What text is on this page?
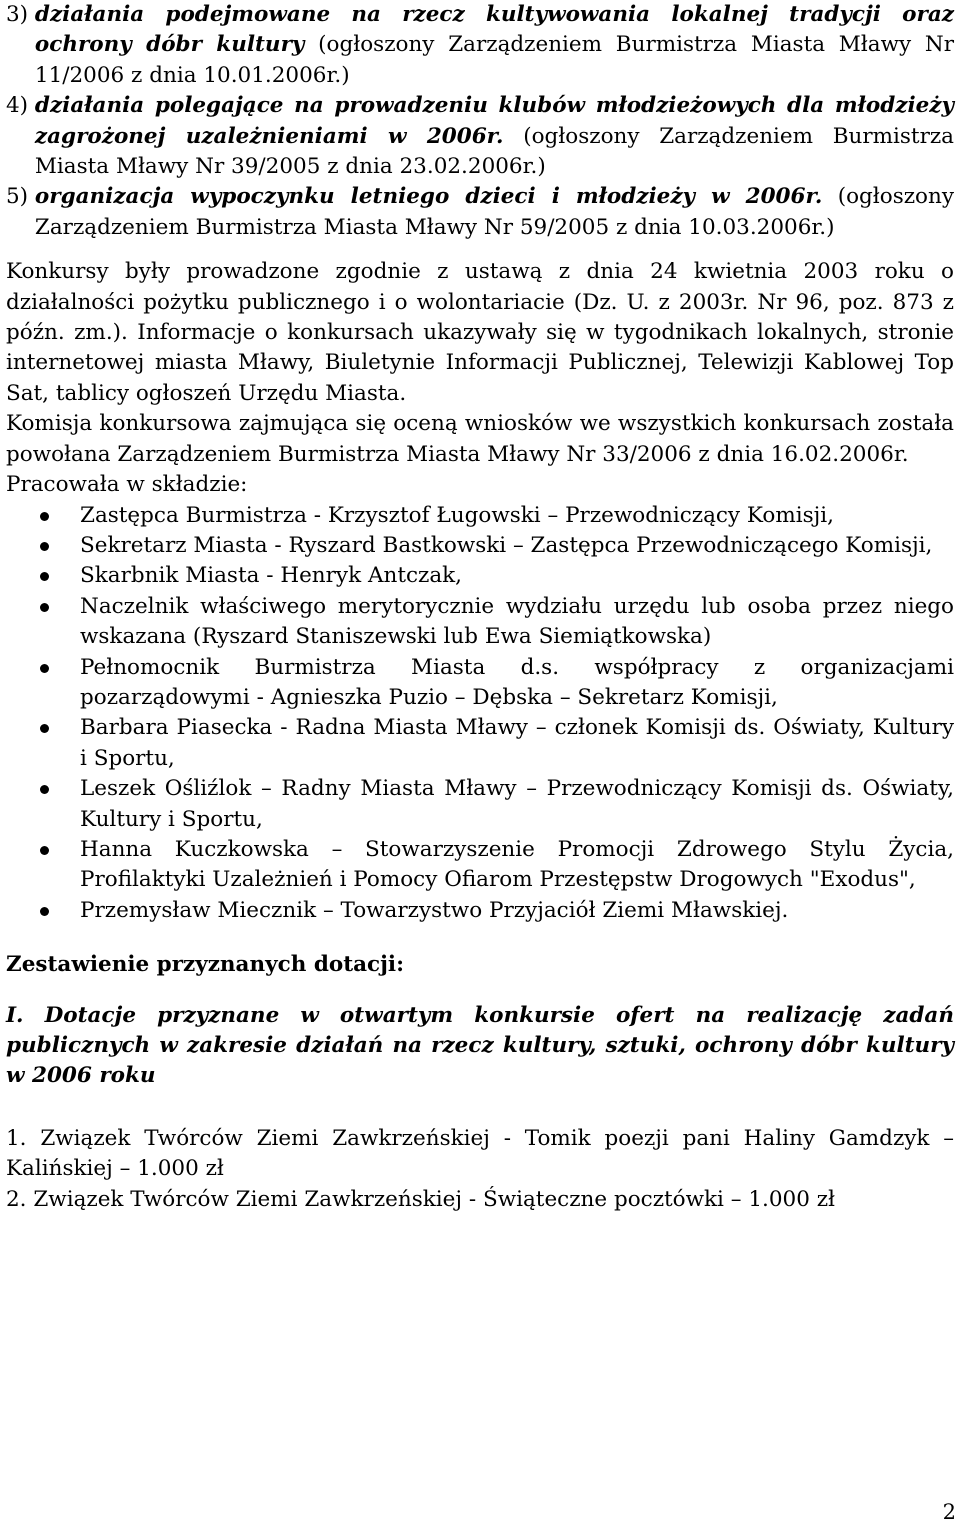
3) działania podejmowane na rzecz kultywowania lokalnej tradycji oraz ochrony dóbr kultury (ogłoszony Zarządzeniem Burmistrza Miasta Mławy Nr 11/2006 z dnia 10.01.2006r.)
4) działania polegające na prowadzeniu klubów młodzieżowych dla młodzieży zagrożonej uzależnieniami w 2006r. (ogłoszony Zarządzeniem Burmistrza Miasta Mławy Nr 39/2005 z dnia 23.02.2006r.)
5) organizacja wypoczynku letniego dzieci i młodzieży w 2006r. (ogłoszony Zarządzeniem Burmistrza Miasta Mławy Nr 59/2005 z dnia 10.03.2006r.)
Konkursy były prowadzone zgodnie z ustawą z dnia 24 kwietnia 2003 roku o działalności pożytku publicznego i o wolontariacie (Dz. U. z 2003r. Nr 96, poz. 873 z późn. zm.). Informacje o konkursach ukazywały się w tygodnikach lokalnych, stronie internetowej miasta Mławy, Biuletynie Informacji Publicznej, Telewizji Kablowej Top Sat, tablicy ogłoszeń Urzędu Miasta.
Komisja konkursowa zajmująca się oceną wniosków we wszystkich konkursach została powołana Zarządzeniem Burmistrza Miasta Mławy Nr 33/2006 z dnia 16.02.2006r.
Pracowała w składzie:
Zastępca Burmistrza - Krzysztof Ługowski – Przewodniczący Komisji,
Sekretarz Miasta - Ryszard Bastkowski – Zastępca Przewodniczącego Komisji,
Skarbnik Miasta - Henryk Antczak,
Naczelnik właściwego merytorycznie wydziału urzędu lub osoba przez niego wskazana (Ryszard Staniszewski lub Ewa Siemiątkowska)
Pełnomocnik Burmistrza Miasta d.s. współpracy z organizacjami pozarządowymi - Agnieszka Puzio – Dębska – Sekretarz Komisji,
Barbara Piasecka - Radna Miasta Mławy – członek Komisji ds. Oświaty, Kultury i Sportu,
Leszek Ośliźlok – Radny Miasta Mławy – Przewodniczący Komisji ds. Oświaty, Kultury i Sportu,
Hanna Kuczkowska – Stowarzyszenie Promocji Zdrowego Stylu Życia, Profilaktyki Uzależnień i Pomocy Ofiarom Przestępstw Drogowych "Exodus",
Przemysław Miecznik – Towarzystwo Przyjaciół Ziemi Mławskiej.
Zestawienie przyznanych dotacji:
I. Dotacje przyznane w otwartym konkursie ofert na realizację zadań publicznych w zakresie działań na rzecz kultury, sztuki, ochrony dóbr kultury w 2006 roku
1. Związek Twórców Ziemi Zawkrzeńskiej - Tomik poezji pani Haliny Gamdzyk – Kalińskiej – 1.000 zł
2. Związek Twórców Ziemi Zawkrzeńskiej - Świąteczne pocztówki – 1.000 zł
2
